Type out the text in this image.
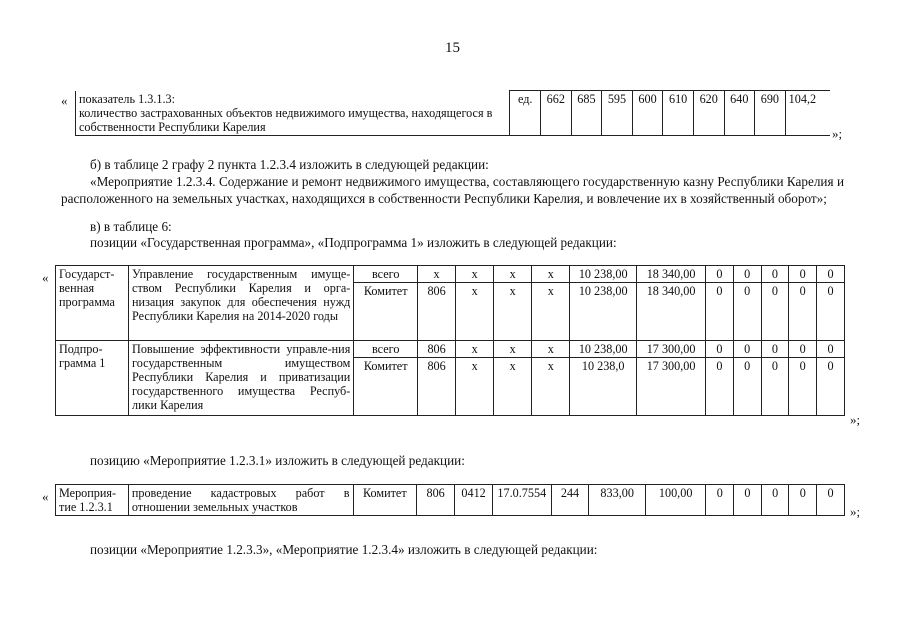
15
« показатель 1.3.1.3:
количество застрахованных объектов недвижимого имущества, находящегося в собственности Республики Карелия
	ед.	662	685	595	600	610	620	640	690	104,2
»;
б) в таблице 2 графу 2 пункта 1.2.3.4 изложить в следующей редакции:
«Мероприятие 1.2.3.4. Содержание и ремонт недвижимого имущества, составляющего государственную казну Республики Карелия и расположенного на земельных участках, находящихся в собственности Республики Карелия, и вовлечение их в хозяйственный оборот»;
в) в таблице 6:
позиции «Государственная программа», «Подпрограмма 1» изложить в следующей редакции:
« Государст-венная программа	Управление государственным имуще-ством Республики Карелия и орга-низация закупок для обеспечения нужд Республики Карелия на 2014-2020 годы	всего	х	х	х	х	10 238,00	18 340,00	0	0	0	0	0
		Комитет	806	х	х	х	10 238,00	18 340,00	0	0	0	0	0
Подпро-грамма 1	Повышение эффективности управле-ния государственным имуществом Республики Карелия и приватизации государственного имущества Респуб-лики Карелия	всего	806	х	х	х	10 238,00	17 300,00	0	0	0	0	0
		Комитет	806	х	х	х	10 238,0	17 300,00	0	0	0	0	0
»;
позицию «Мероприятие 1.2.3.1» изложить в следующей редакции:
« Мероприя-тие 1.2.3.1	проведение кадастровых работ в отношении земельных участков	Комитет	806	0412	17.0.7554	244	833,00	100,00	0	0	0	0	0
»;
позиции «Мероприятие 1.2.3.3», «Мероприятие 1.2.3.4» изложить в следующей редакции:
